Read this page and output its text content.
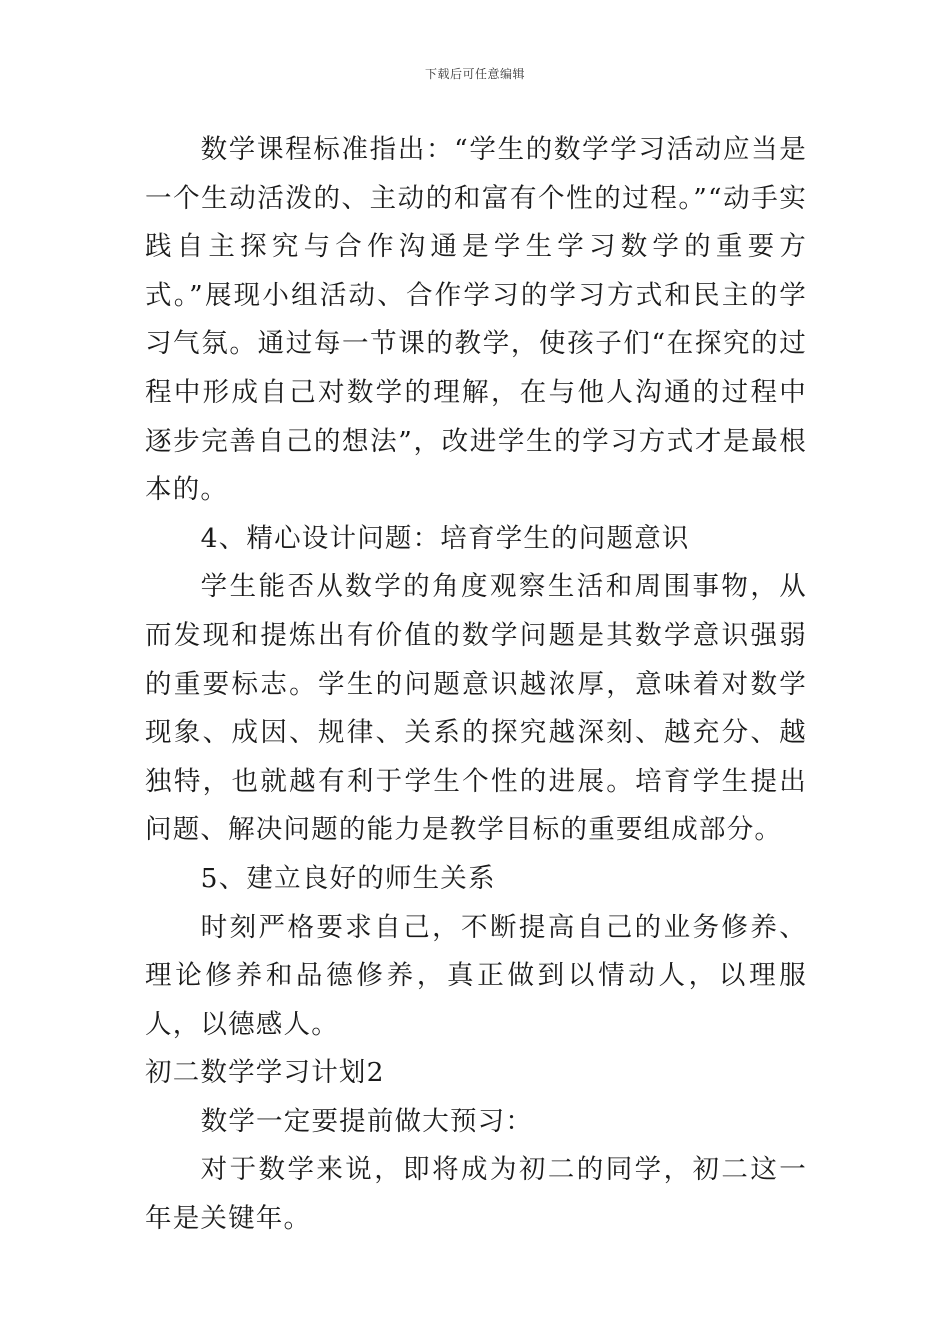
下载后可任意编辑

数学课程标准指出：“学生的数学学习活动应当是一个生动活泼的、主动的和富有个性的过程。”“动手实践自主探究与合作沟通是学生学习数学的重要方式。”展现小组活动、合作学习的学习方式和民主的学习气氛。通过每一节课的教学，使孩子们“在探究的过程中形成自己对数学的理解，在与他人沟通的过程中逐步完善自己的想法”，改进学生的学习方式才是最根本的。

4、精心设计问题：培育学生的问题意识

学生能否从数学的角度观察生活和周围事物，从而发现和提炼出有价值的数学问题是其数学意识强弱的重要标志。学生的问题意识越浓厚，意味着对数学现象、成因、规律、关系的探究越深刻、越充分、越独特，也就越有利于学生个性的进展。培育学生提出问题、解决问题的能力是教学目标的重要组成部分。

5、建立良好的师生关系

时刻严格要求自己，不断提高自己的业务修养、理论修养和品德修养，真正做到以情动人，以理服人，以德感人。

初二数学学习计划2

数学一定要提前做大预习：

对于数学来说，即将成为初二的同学，初二这一年是关键年。
